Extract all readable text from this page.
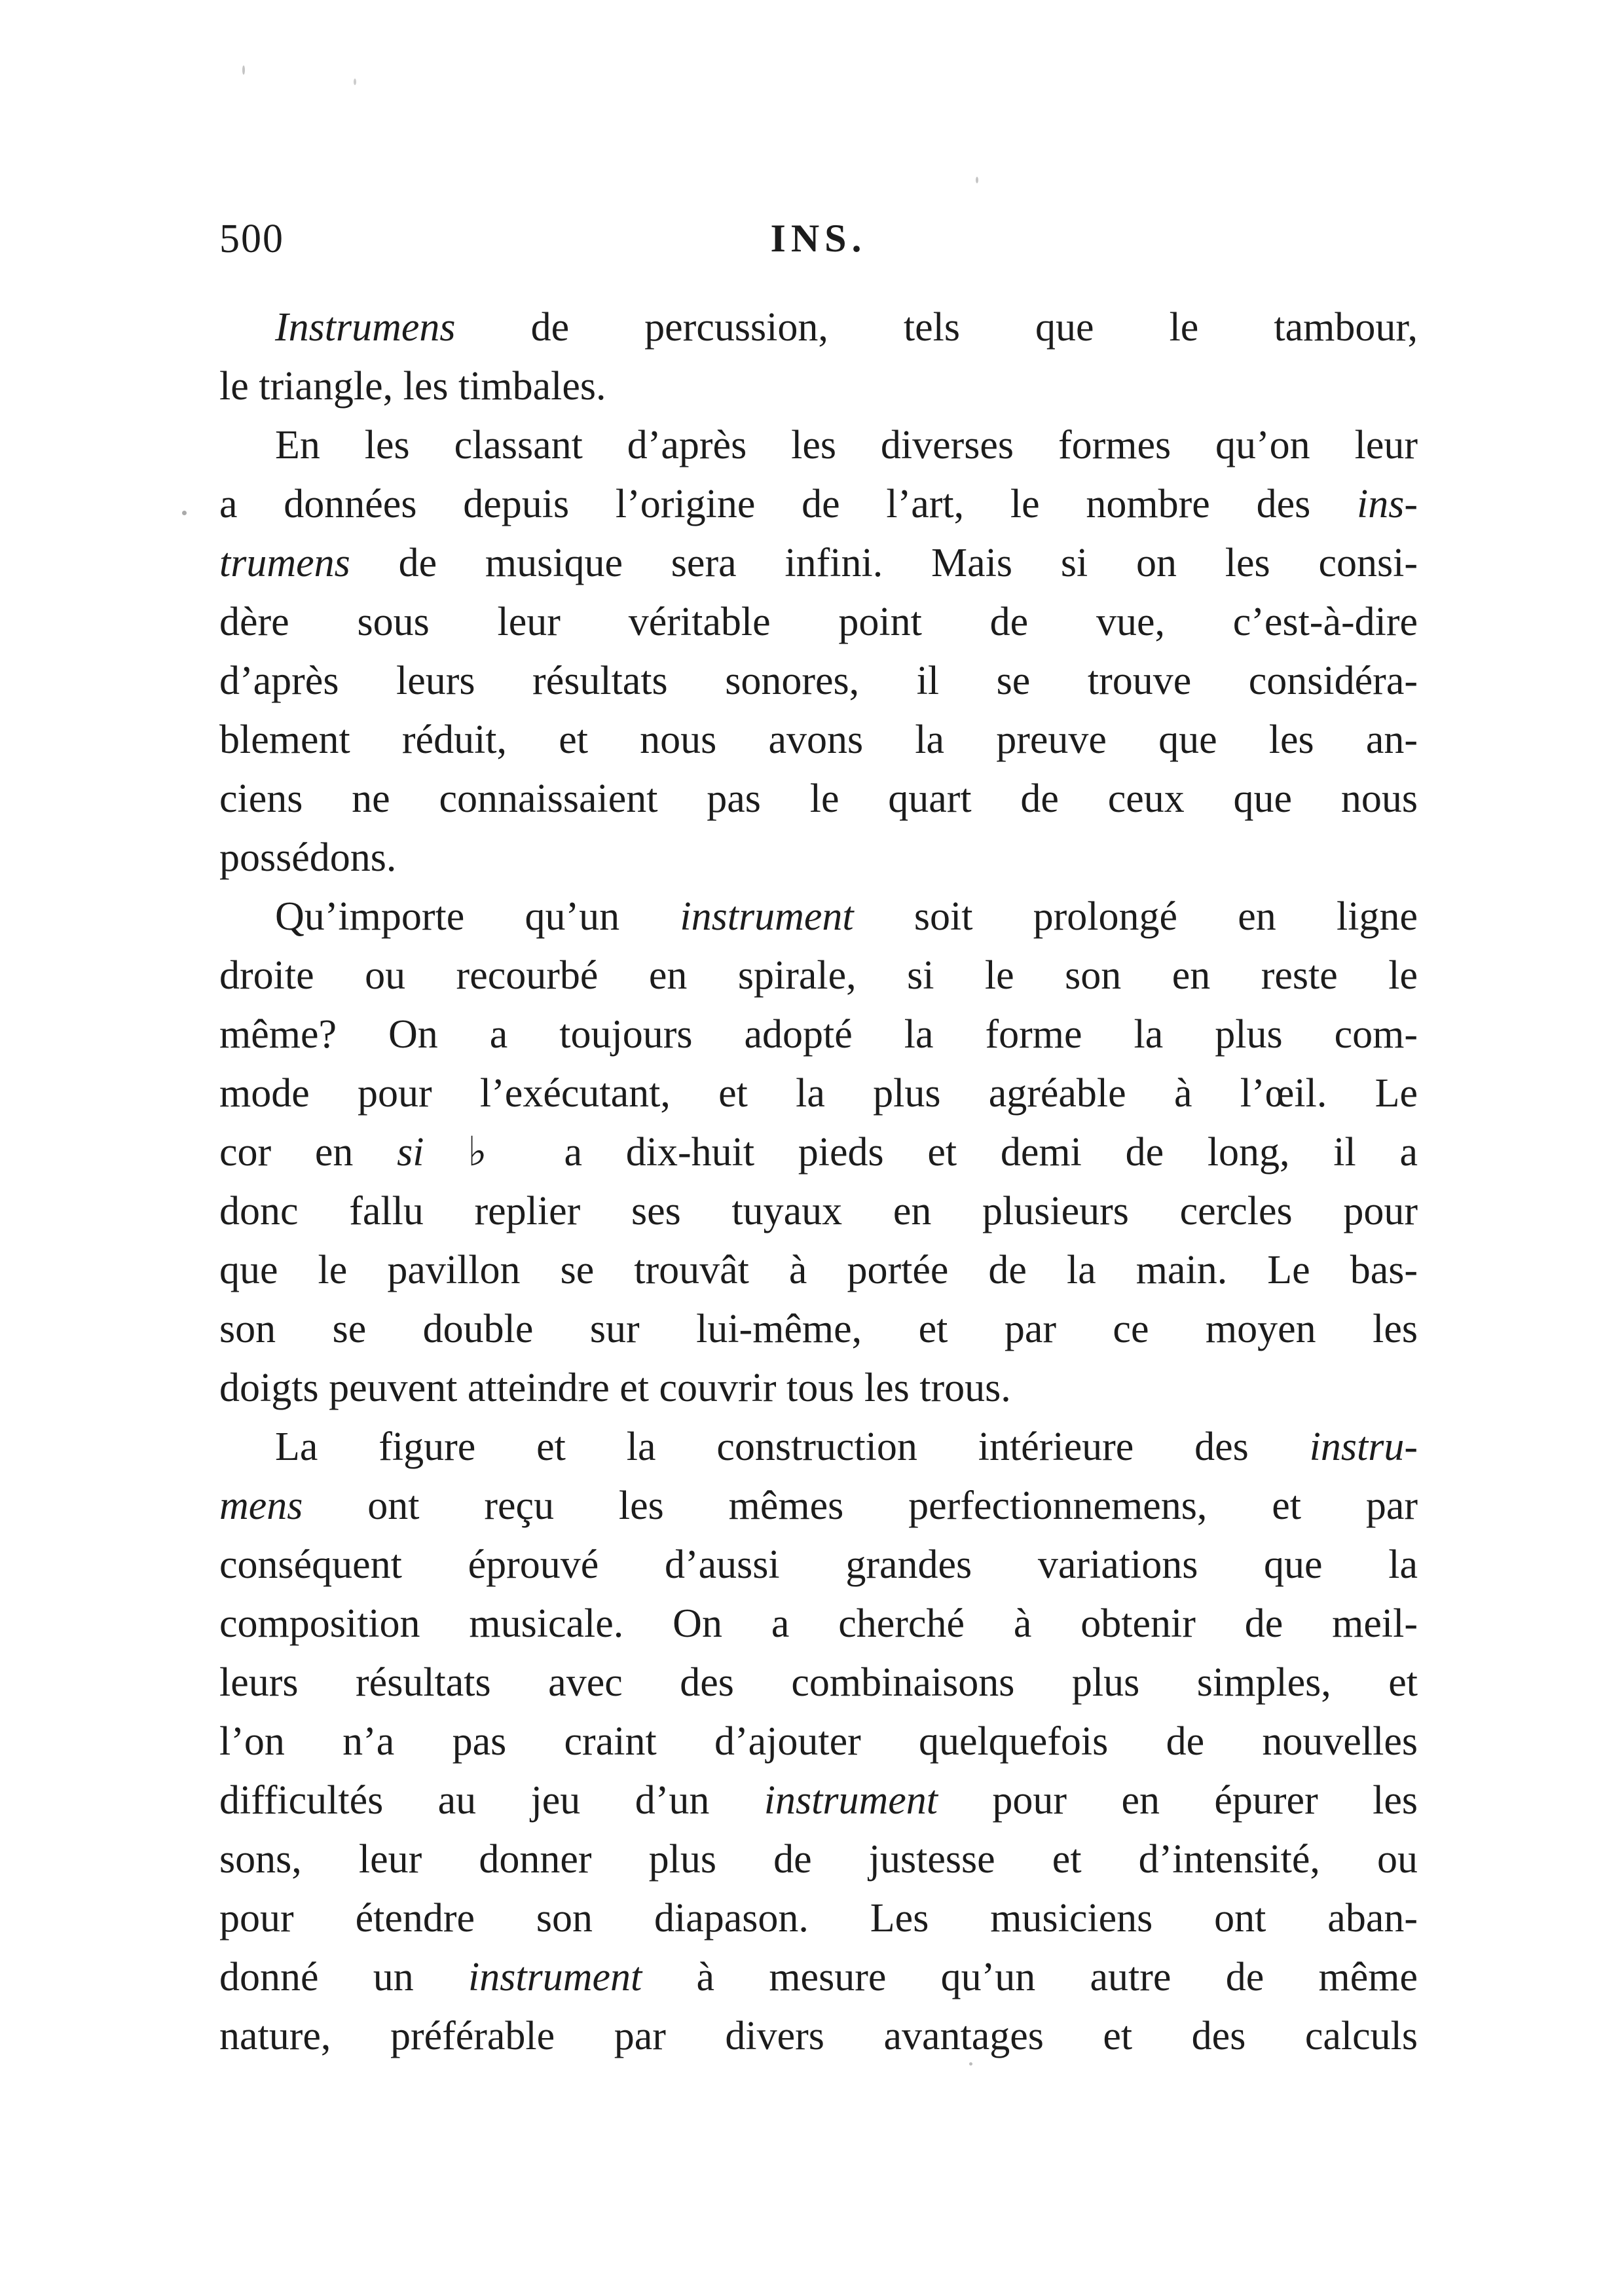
500	INS.
Instrumens de percussion, tels que le tambour,
le triangle, les timbales.
En les classant d’après les diverses formes qu’on leur
a données depuis l’origine de l’art, le nombre des ins-
trumens de musique sera infini. Mais si on les consi-
dère sous leur véritable point de vue, c’est-à-dire
d’après leurs résultats sonores, il se trouve considéra-
blement réduit, et nous avons la preuve que les an-
ciens ne connaissaient pas le quart de ceux que nous
possédons.
Qu’importe qu’un instrument soit prolongé en ligne
droite ou recourbé en spirale, si le son en reste le
même? On a toujours adopté la forme la plus com-
mode pour l’exécutant, et la plus agréable à l’œil. Le
cor en si ♭ a dix-huit pieds et demi de long, il a
donc fallu replier ses tuyaux en plusieurs cercles pour
que le pavillon se trouvât à portée de la main. Le bas-
son se double sur lui-même, et par ce moyen les
doigts peuvent atteindre et couvrir tous les trous.
La figure et la construction intérieure des instru-
mens ont reçu les mêmes perfectionnemens, et par
conséquent éprouvé d’aussi grandes variations que la
composition musicale. On a cherché à obtenir de meil-
leurs résultats avec des combinaisons plus simples, et
l’on n’a pas craint d’ajouter quelquefois de nouvelles
difficultés au jeu d’un instrument pour en épurer les
sons, leur donner plus de justesse et d’intensité, ou
pour étendre son diapason. Les musiciens ont aban-
donné un instrument à mesure qu’un autre de même
nature, préférable par divers avantages et des calculs
